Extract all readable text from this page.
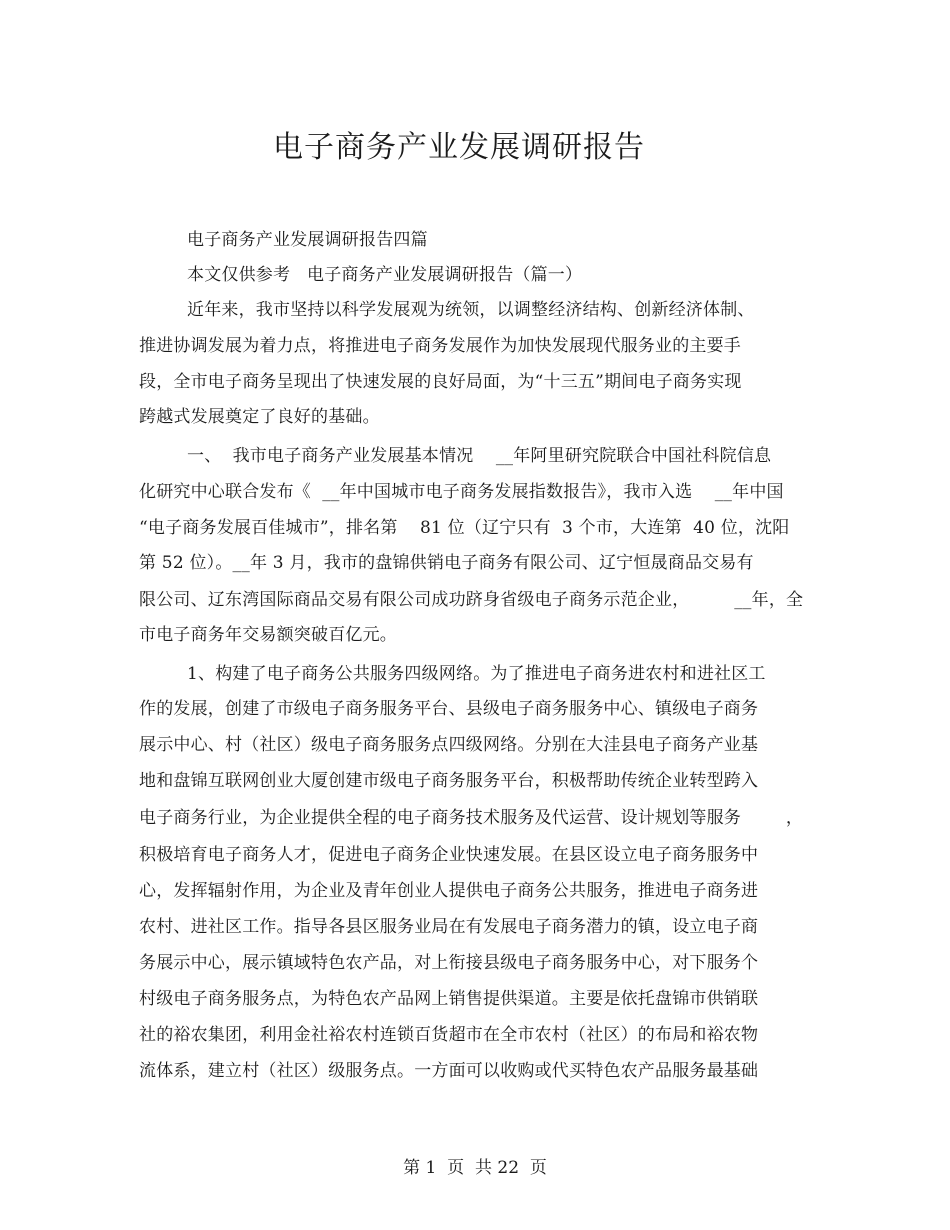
电子商务产业发展调研报告
电子商务产业发展调研报告四篇
本文仅供参考   电子商务产业发展调研报告（篇一）
近年来，我市坚持以科学发展观为统领，以调整经济结构、创新经济体制、
推进协调发展为着力点，将推进电子商务发展作为加快发展现代服务业的主要手
段，全市电子商务呈现出了快速发展的良好局面，为“十三五”期间电子商务实现
跨越式发展奠定了良好的基础。
一、  我市电子商务产业发展基本情况    __年阿里研究院联合中国社科院信息
化研究中心联合发布《  __年中国城市电子商务发展指数报告》，我市入选    __年中国
“电子商务发展百佳城市”，排名第    81 位（辽宁只有  3 个市，大连第  40 位，沈阳
第 52 位）。__年 3 月，我市的盘锦供销电子商务有限公司、辽宁恒晟商品交易有
限公司、辽东湾国际商品交易有限公司成功跻身省级电子商务示范企业，        __年，全
市电子商务年交易额突破百亿元。
1、构建了电子商务公共服务四级网络。为了推进电子商务进农村和进社区工
作的发展，创建了市级电子商务服务平台、县级电子商务服务中心、镇级电子商务
展示中心、村（社区）级电子商务服务点四级网络。分别在大洼县电子商务产业基
地和盘锦互联网创业大厦创建市级电子商务服务平台，积极帮助传统企业转型跨入
电子商务行业，为企业提供全程的电子商务技术服务及代运营、设计规划等服务        ，
积极培育电子商务人才，促进电子商务企业快速发展。在县区设立电子商务服务中
心，发挥辐射作用，为企业及青年创业人提供电子商务公共服务，推进电子商务进
农村、进社区工作。指导各县区服务业局在有发展电子商务潜力的镇，设立电子商
务展示中心，展示镇域特色农产品，对上衔接县级电子商务服务中心，对下服务个
村级电子商务服务点，为特色农产品网上销售提供渠道。主要是依托盘锦市供销联
社的裕农集团，利用金社裕农村连锁百货超市在全市农村（社区）的布局和裕农物
流体系，建立村（社区）级服务点。一方面可以收购或代买特色农产品服务最基础
第 1  页  共 22  页
